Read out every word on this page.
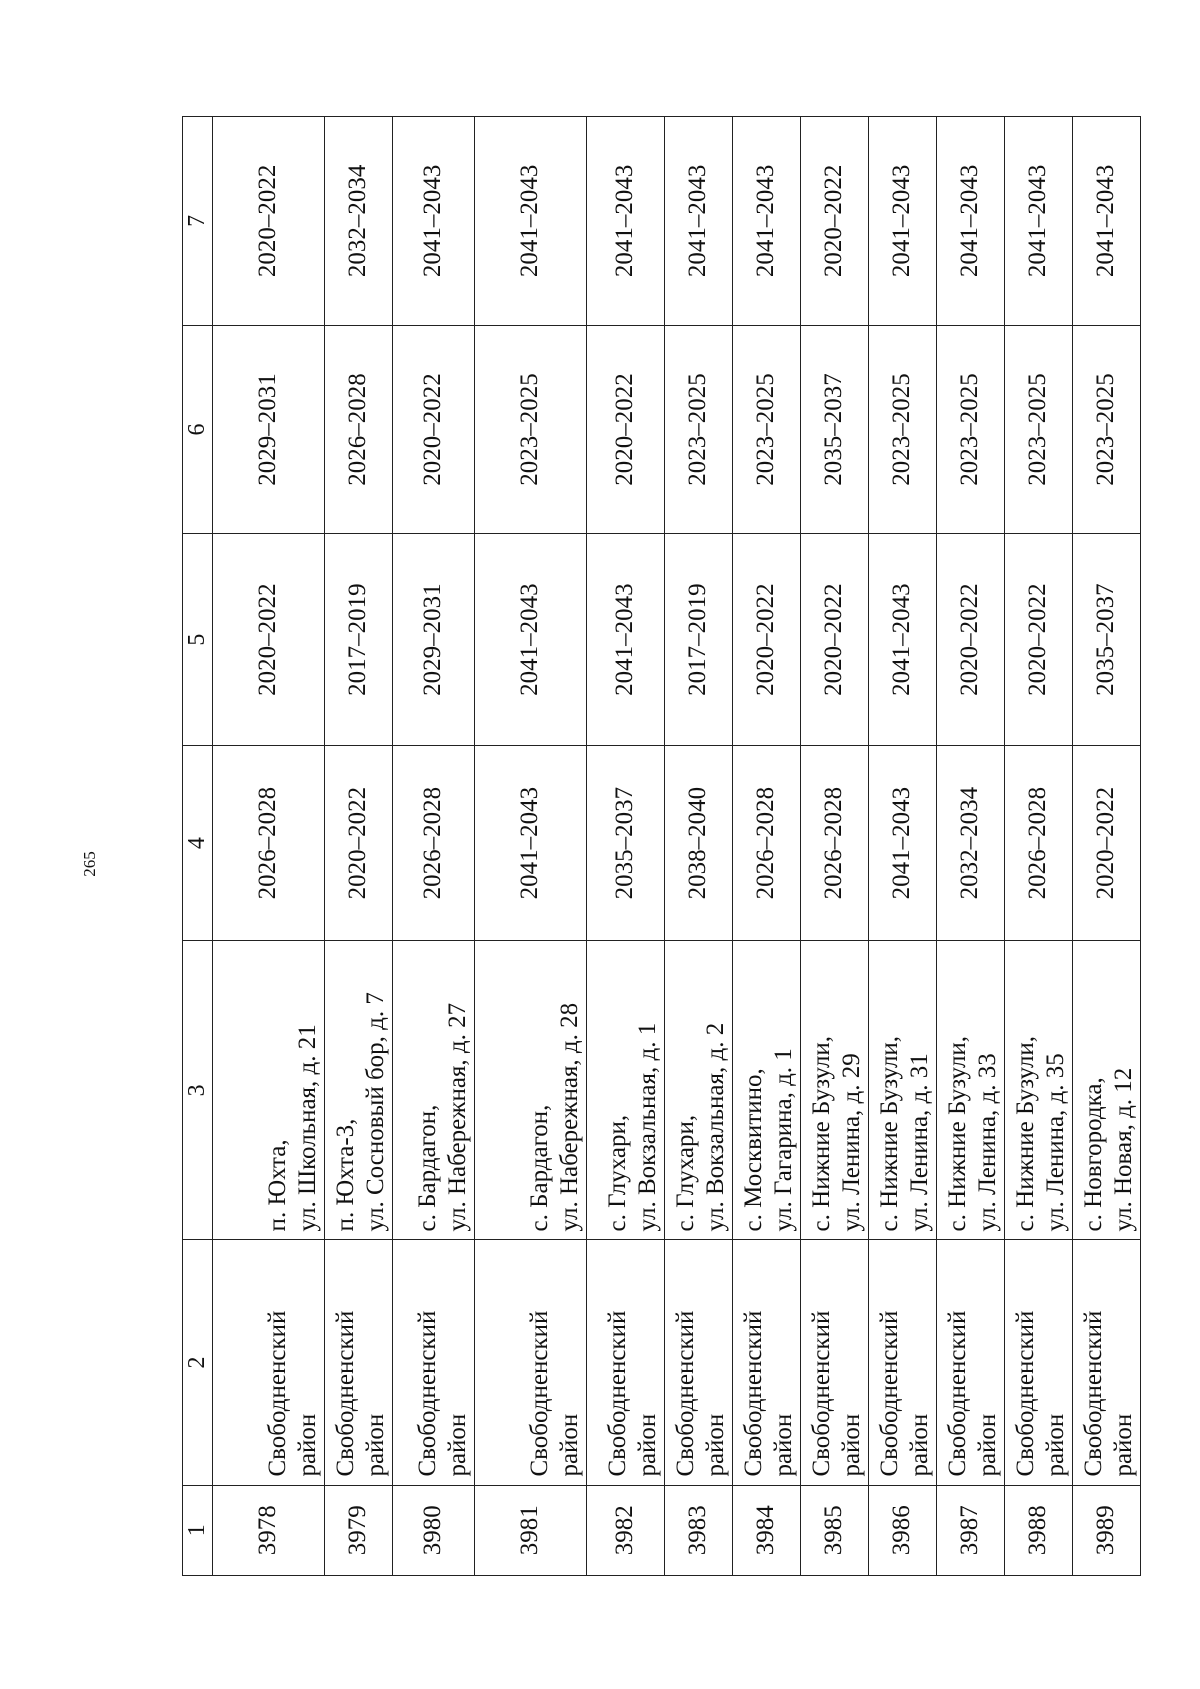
265
1	2	3	4	5	6	7
3978	Свободненский район	п. Юхта, ул. Школьная, д. 21	2026–2028	2020–2022	2029–2031	2020–2022
3979	Свободненский район	п. Юхта-3, ул. Сосновый бор, д. 7	2020–2022	2017–2019	2026–2028	2032–2034
3980	Свободненский район	с. Бардагон, ул. Набережная, д. 27	2026–2028	2029–2031	2020–2022	2041–2043
3981	Свободненский район	с. Бардагон, ул. Набережная, д. 28	2041–2043	2041–2043	2023–2025	2041–2043
3982	Свободненский район	с. Глухари, ул. Вокзальная, д. 1	2035–2037	2041–2043	2020–2022	2041–2043
3983	Свободненский район	с. Глухари, ул. Вокзальная, д. 2	2038–2040	2017–2019	2023–2025	2041–2043
3984	Свободненский район	с. Москвитино, ул. Гагарина, д. 1	2026–2028	2020–2022	2023–2025	2041–2043
3985	Свободненский район	с. Нижние Бузули, ул. Ленина, д. 29	2026–2028	2020–2022	2035–2037	2020–2022
3986	Свободненский район	с. Нижние Бузули, ул. Ленина, д. 31	2041–2043	2041–2043	2023–2025	2041–2043
3987	Свободненский район	с. Нижние Бузули, ул. Ленина, д. 33	2032–2034	2020–2022	2023–2025	2041–2043
3988	Свободненский район	с. Нижние Бузули, ул. Ленина, д. 35	2026–2028	2020–2022	2023–2025	2041–2043
3989	Свободненский район	с. Новгородка, ул. Новая, д. 12	2020–2022	2035–2037	2023–2025	2041–2043
